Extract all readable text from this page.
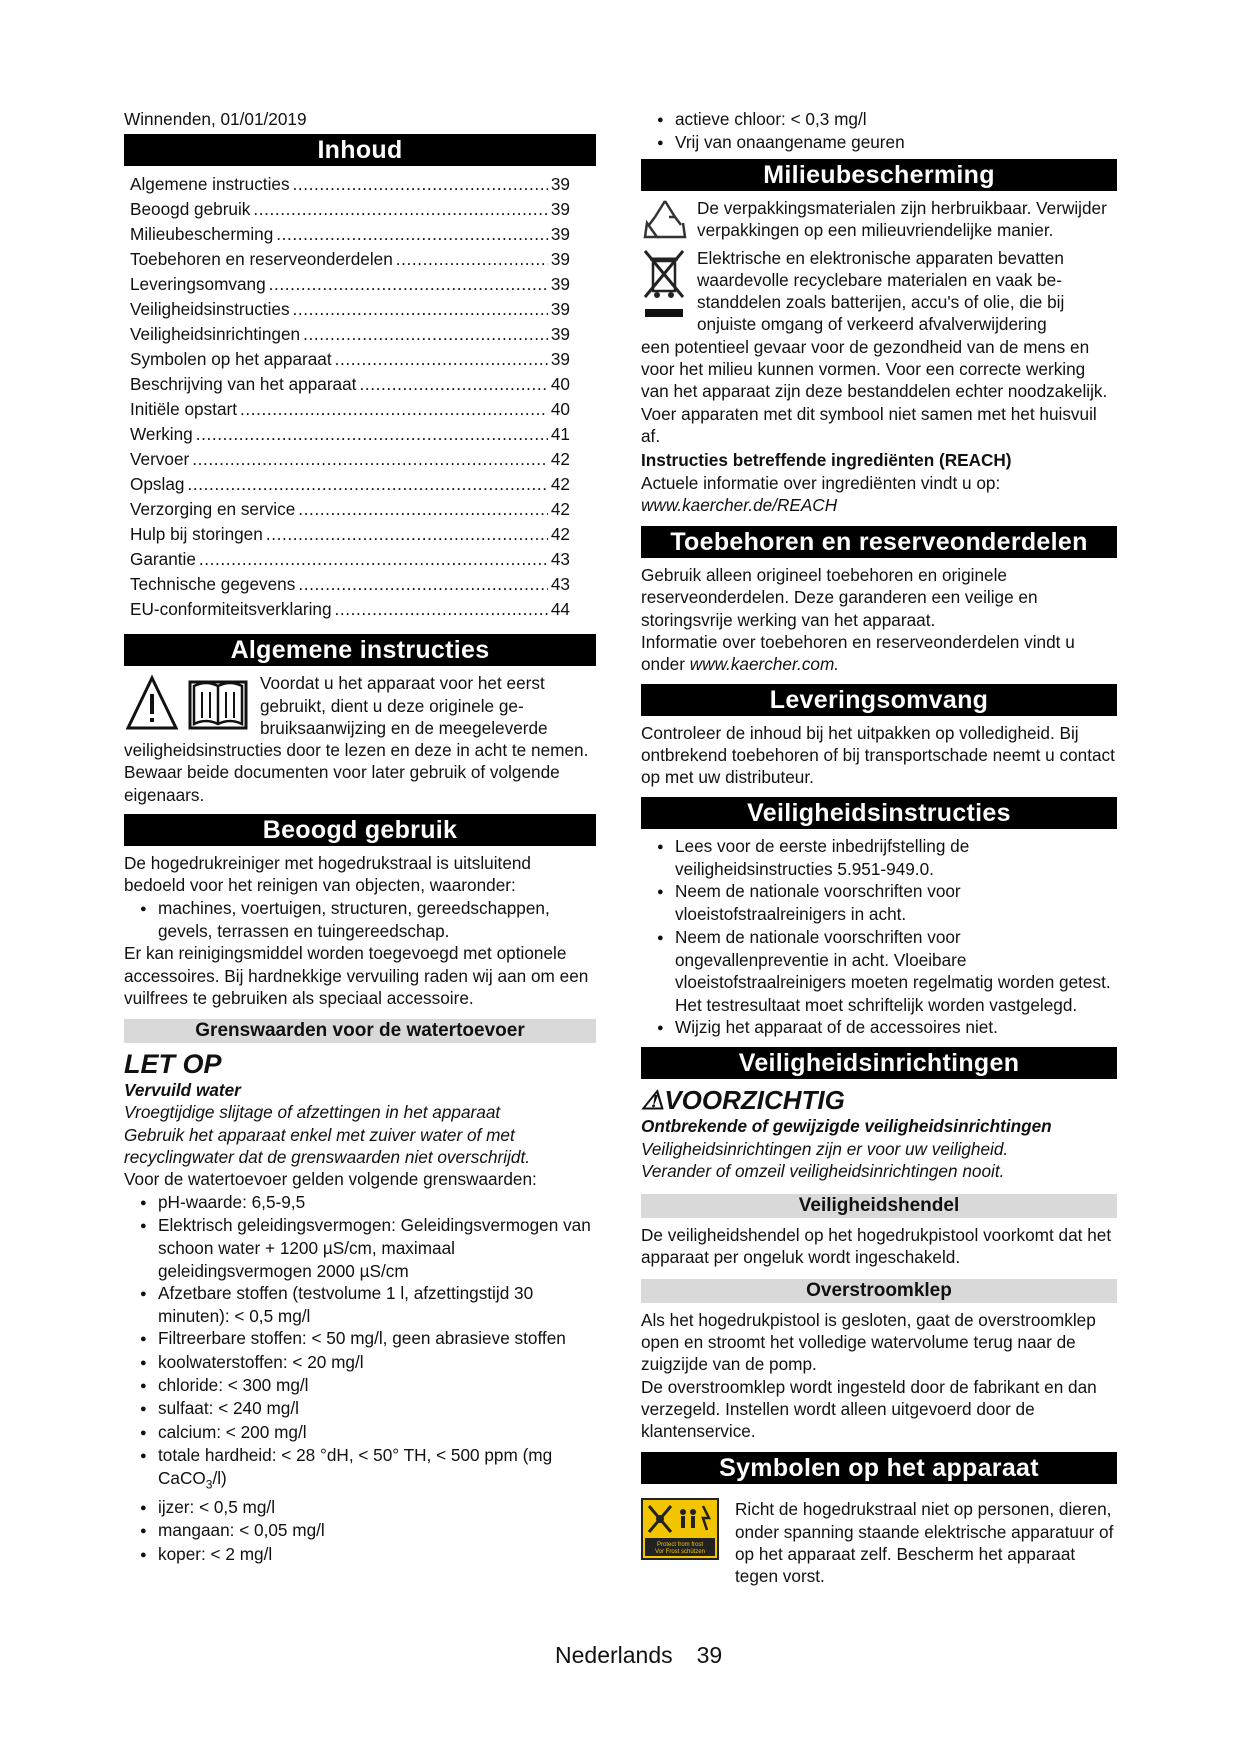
Winnenden, 01/01/2019
Inhoud
Algemene instructies .....	39
Beoogd gebruik .....	39
Milieubescherming .....	39
Toebehoren en reserveonderdelen .....	39
Leveringsomvang .....	39
Veiligheidsinstructies .....	39
Veiligheidsinrichtingen .....	39
Symbolen op het apparaat .....	39
Beschrijving van het apparaat .....	40
Initiële opstart .....	40
Werking .....	41
Vervoer .....	42
Opslag .....	42
Verzorging en service .....	42
Hulp bij storingen .....	42
Garantie .....	43
Technische gegevens .....	43
EU-conformiteitsverklaring .....	44
Algemene instructies
Voordat u het apparaat voor het eerst
gebruikt, dient u deze originele ge-
bruiksaanwijzing en de meegeleverde
veiligheidsinstructies door te lezen en deze in acht te nemen.
Bewaar beide documenten voor later gebruik of volgende eigenaars.
Beoogd gebruik
De hogedrukreiniger met hogedrukstraal is uitsluitend bedoeld voor het reinigen van objecten, waaronder:
● machines, voertuigen, structuren, gereedschappen, gevels, terrassen en tuingereedschap.
Er kan reinigingsmiddel worden toegevoegd met optionele accessoires. Bij hardnekkige vervuiling raden wij aan om een vuilfrees te gebruiken als speciaal accessoire.
Grenswaarden voor de watertoevoer
LET OP
Vervuild water
Vroegtijdige slijtage of afzettingen in het apparaat
Gebruik het apparaat enkel met zuiver water of met recyclingwater dat de grenswaarden niet overschrijdt.
Voor de watertoevoer gelden volgende grenswaarden:
● pH-waarde: 6,5-9,5
● Elektrisch geleidingsvermogen: Geleidingsvermogen van schoon water + 1200 µS/cm, maximaal geleidingsvermogen 2000 µS/cm
● Afzetbare stoffen (testvolume 1 l, afzettingstijd 30 minuten): < 0,5 mg/l
● Filtreerbare stoffen: < 50 mg/l, geen abrasieve stoffen
● koolwaterstoffen: < 20 mg/l
● chloride: < 300 mg/l
● sulfaat: < 240 mg/l
● calcium: < 200 mg/l
● totale hardheid: < 28 °dH, < 50° TH, < 500 ppm (mg CaCO$_3$/l)
● ijzer: < 0,5 mg/l
● mangaan: < 0,05 mg/l
● koper: < 2 mg/l
● actieve chloor: < 0,3 mg/l
● Vrij van onaangename geuren
Milieubescherming
De verpakkingsmaterialen zijn herbruikbaar. Verwijder verpakkingen op een milieuvriendelijke manier.
Elektrische en elektronische apparaten bevatten
waardevolle recyclebare materialen en vaak be-
standdelen zoals batterijen, accu's of olie, die bij
onjuiste omgang of verkeerd afvalverwijdering
een potentieel gevaar voor de gezondheid van de mens en voor het milieu kunnen vormen. Voor een correcte werking van het apparaat zijn deze bestanddelen echter noodzakelijk. Voer apparaten met dit symbool niet samen met het huisvuil af.
Instructies betreffende ingrediënten (REACH)
Actuele informatie over ingrediënten vindt u op:
www.kaercher.de/REACH
Toebehoren en reserveonderdelen
Gebruik alleen origineel toebehoren en originele reserveonderdelen. Deze garanderen een veilige en storingsvrije werking van het apparaat.
Informatie over toebehoren en reserveonderdelen vindt u onder www.kaercher.com.
Leveringsomvang
Controleer de inhoud bij het uitpakken op volledigheid. Bij ontbrekend toebehoren of bij transportschade neemt u contact op met uw distributeur.
Veiligheidsinstructies
● Lees voor de eerste inbedrijfstelling de veiligheidsinstructies 5.951-949.0.
● Neem de nationale voorschriften voor vloeistofstraalreinigers in acht.
● Neem de nationale voorschriften voor ongevallenpreventie in acht. Vloeibare vloeistofstraalreinigers moeten regelmatig worden getest. Het testresultaat moet schriftelijk worden vastgelegd.
● Wijzig het apparaat of de accessoires niet.
Veiligheidsinrichtingen
⚠VOORZICHTIG
Ontbrekende of gewijzigde veiligheidsinrichtingen
Veiligheidsinrichtingen zijn er voor uw veiligheid.
Verander of omzeil veiligheidsinrichtingen nooit.
Veiligheidshendel
De veiligheidshendel op het hogedrukpistool voorkomt dat het apparaat per ongeluk wordt ingeschakeld.
Overstroomklep
Als het hogedrukpistool is gesloten, gaat de overstroomklep open en stroomt het volledige watervolume terug naar de zuigzijde van de pomp.
De overstroomklep wordt ingesteld door de fabrikant en dan verzegeld. Instellen wordt alleen uitgevoerd door de klantenservice.
Symbolen op het apparaat
Protect from frost
Vor Frost schützen
Richt de hogedrukstraal niet op personen, dieren, onder spanning staande elektrische apparatuur of op het apparaat zelf. Bescherm het apparaat tegen vorst.
Nederlands 39
